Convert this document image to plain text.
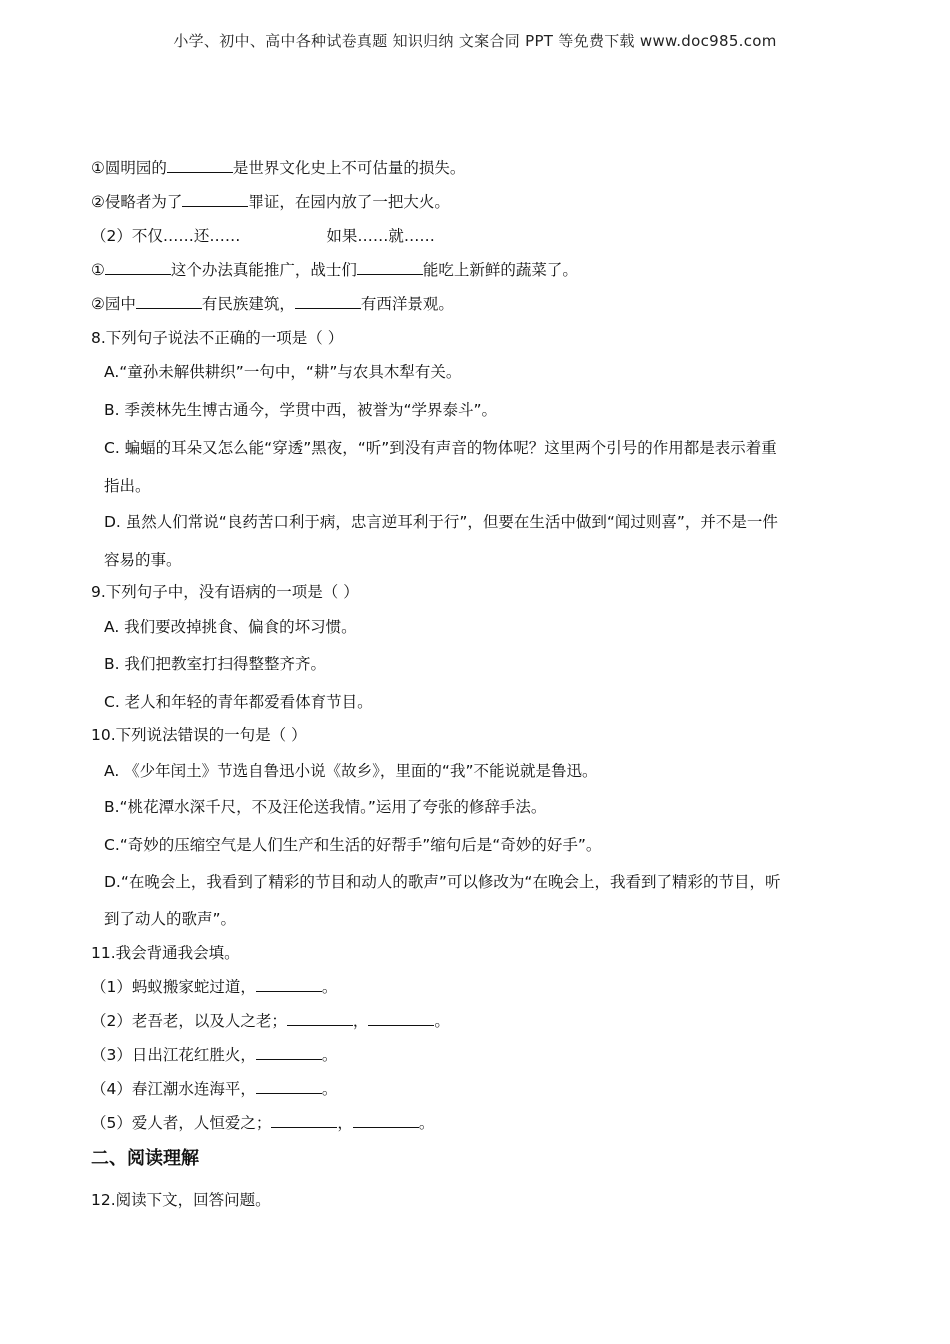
小学、初中、高中各种试卷真题 知识归纳 文案合同 PPT 等免费下载 www.doc985.com
①圆明园的	是世界文化史上不可估量的损失。
②侵略者为了	罪证，在园内放了一把大火。
（2）不仅……还……	如果……就……
①	这个办法真能推广，战士们	能吃上新鲜的蔬菜了。
②园中	有民族建筑，	有西洋景观。
8.下列句子说法不正确的一项是（ ）
A.“童孙未解供耕织”一句中，“耕”与农具木犁有关。
B. 季羡林先生博古通今，学贯中西，被誉为“学界泰斗”。
C. 蝙蝠的耳朵又怎么能“穿透”黑夜，“听”到没有声音的物体呢？这里两个引号的作用都是表示着重
指出。
D. 虽然人们常说“良药苦口利于病，忠言逆耳利于行”，但要在生活中做到“闻过则喜”，并不是一件
容易的事。
9.下列句子中，没有语病的一项是（ ）
A. 我们要改掉挑食、偏食的坏习惯。
B. 我们把教室打扫得整整齐齐。
C. 老人和年轻的青年都爱看体育节目。
10.下列说法错误的一句是（ ）
A. 《少年闰土》节选自鲁迅小说《故乡》，里面的“我”不能说就是鲁迅。
B.“桃花潭水深千尺，不及汪伦送我情。”运用了夸张的修辞手法。
C.“奇妙的压缩空气是人们生产和生活的好帮手”缩句后是“奇妙的好手”。
D.“在晚会上，我看到了精彩的节目和动人的歌声”可以修改为“在晚会上，我看到了精彩的节目，听
到了动人的歌声”。
11.我会背通我会填。
（1）蚂蚁搬家蛇过道，	。
（2）老吾老，以及人之老；	，	。
（3）日出江花红胜火，	。
（4）春江潮水连海平，	。
（5）爱人者，人恒爱之；	，	。
二、阅读理解
12.阅读下文，回答问题。
